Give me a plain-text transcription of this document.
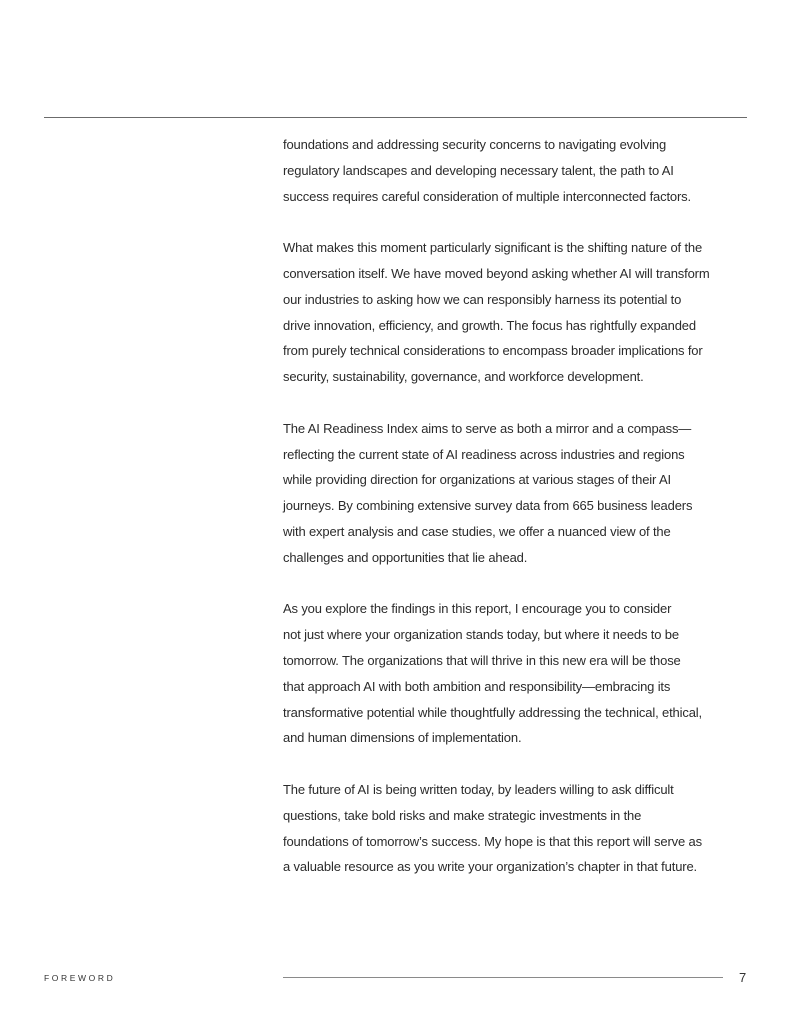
foundations and addressing security concerns to navigating evolving
regulatory landscapes and developing necessary talent, the path to AI
success requires careful consideration of multiple interconnected factors.

What makes this moment particularly significant is the shifting nature of the
conversation itself. We have moved beyond asking whether AI will transform
our industries to asking how we can responsibly harness its potential to
drive innovation, efficiency, and growth. The focus has rightfully expanded
from purely technical considerations to encompass broader implications for
security, sustainability, governance, and workforce development.

The AI Readiness Index aims to serve as both a mirror and a compass—
reflecting the current state of AI readiness across industries and regions
while providing direction for organizations at various stages of their AI
journeys. By combining extensive survey data from 665 business leaders
with expert analysis and case studies, we offer a nuanced view of the
challenges and opportunities that lie ahead.

As you explore the findings in this report, I encourage you to consider
not just where your organization stands today, but where it needs to be
tomorrow. The organizations that will thrive in this new era will be those
that approach AI with both ambition and responsibility—embracing its
transformative potential while thoughtfully addressing the technical, ethical,
and human dimensions of implementation.

The future of AI is being written today, by leaders willing to ask difficult
questions, take bold risks and make strategic investments in the
foundations of tomorrow’s success. My hope is that this report will serve as
a valuable resource as you write your organization’s chapter in that future.

FOREWORD	7
